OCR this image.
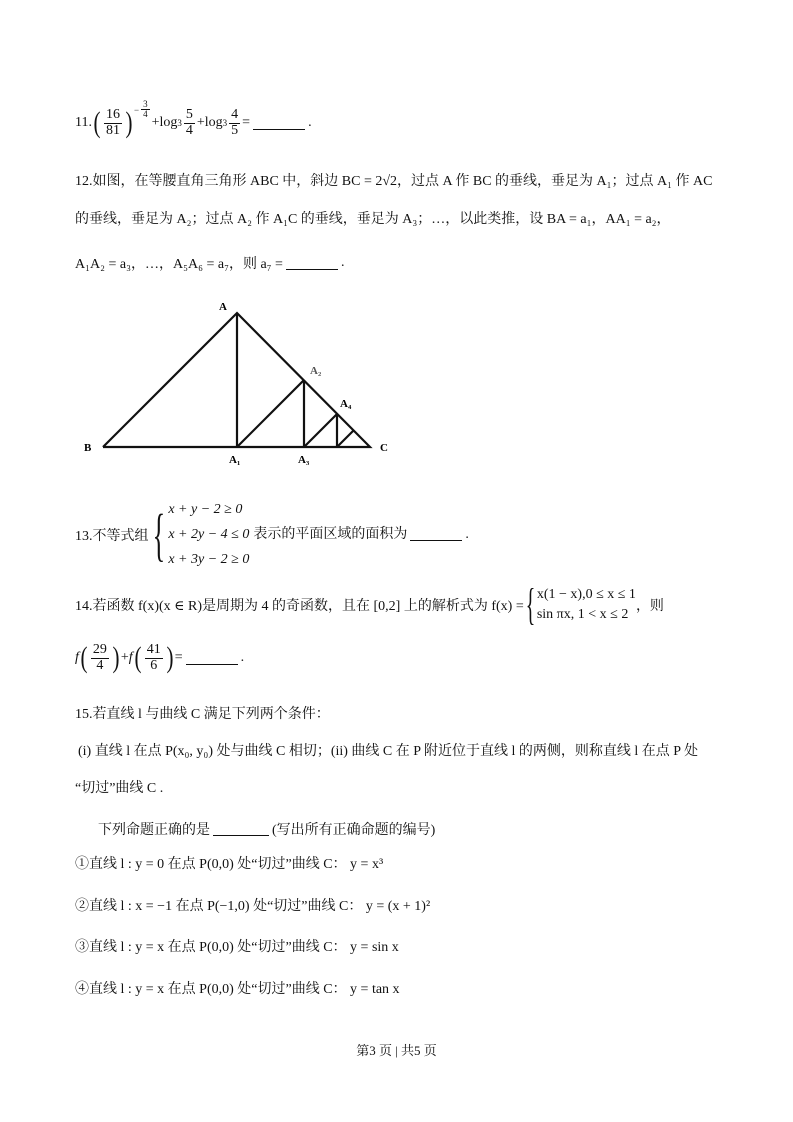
11. ( $\frac{16}{81}$ ) − $\frac{3}{4}$
+log $3 \frac{5}{4} +\log$ $3 \frac{4}{5}$ =	.
12.如图，在等腰直角三角形 ABC 中，斜边 BC = 2√2，过点 A 作 BC 的垂线，垂足为 A₁；过点 A₁ 作 AC
的垂线，垂足为 A₂；过点 A₂ 作 A₁C 的垂线，垂足为 A₃；…，以此类推，设 BA = a₁，AA₁ = a₂，
A₁A₂ = a₃，…，A₅A₆ = a₇，则 a₇ =	.
A
B	C
A₁
A₂
A₃
A₄
13.不等式组 { x + y − 2 ≥ 0
x + 2y − 4 ≤ 0 表示的平面区域的面积为	.
x + 3y − 2 ≥ 0
14.若函数 f(x)(x ∈ R)是周期为 4 的奇函数，且在 [0,2] 上的解析式为 f(x) = { x(1 − x),0 ≤ x ≤ 1
sin πx, 1 < x ≤ 2
，则
f ( $\frac{29}{4}$ ) + f ( $\frac{41}{6}$ ) =	.
15.若直线 l 与曲线 C 满足下列两个条件：
(i) 直线 l 在点 P(x₀, y₀) 处与曲线 C 相切；(ii) 曲线 C 在 P 附近位于直线 l 的两侧，则称直线 l 在点 P 处
“切过”曲线 C .
下列命题正确的是	(写出所有正确命题的编号)
①直线 l : y = 0 在点 P(0,0) 处“切过”曲线 C： y = x³
②直线 l : x = −1 在点 P(−1,0) 处“切过”曲线 C： y = (x + 1)²
③直线 l : y = x 在点 P(0,0) 处“切过”曲线 C： y = sin x
④直线 l : y = x 在点 P(0,0) 处“切过”曲线 C： y = tan x
第3 页 | 共5 页
